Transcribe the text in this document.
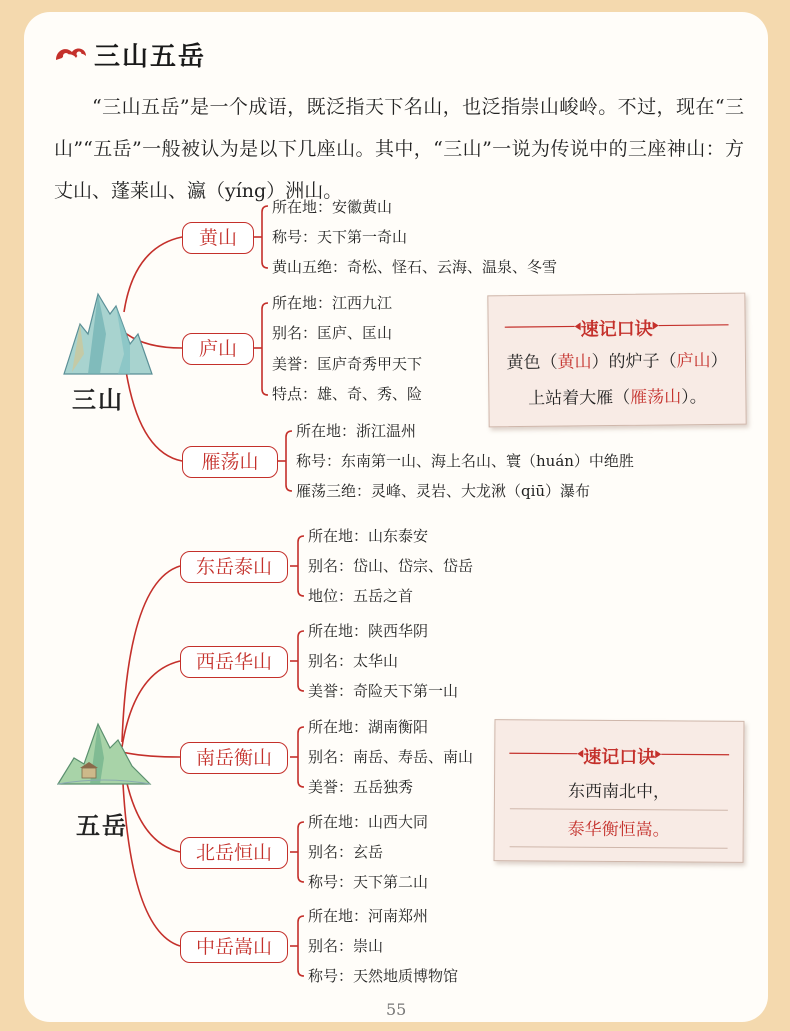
三山五岳
“三山五岳”是一个成语，既泛指天下名山，也泛指崇山峻岭。不过，现在“三山”“五岳”一般被认为是以下几座山。其中，“三山”一说为传说中的三座神山：方丈山、蓬莱山、瀛（yíng）洲山。
三山
黄山
所在地：安徽黄山
称号：天下第一奇山
黄山五绝：奇松、怪石、云海、温泉、冬雪
庐山
所在地：江西九江
别名：匡庐、匡山
美誉：匡庐奇秀甲天下
特点：雄、奇、秀、险
雁荡山
所在地：浙江温州
称号：东南第一山、海上名山、寰（huán）中绝胜
雁荡三绝：灵峰、灵岩、大龙湫（qiū）瀑布
速记口诀
黄色（黄山）的炉子（庐山）
上站着大雁（雁荡山）。
五岳
东岳泰山
所在地：山东泰安
别名：岱山、岱宗、岱岳
地位：五岳之首
西岳华山
所在地：陕西华阴
别名：太华山
美誉：奇险天下第一山
南岳衡山
所在地：湖南衡阳
别名：南岳、寿岳、南山
美誉：五岳独秀
北岳恒山
所在地：山西大同
别名：玄岳
称号：天下第二山
中岳嵩山
所在地：河南郑州
别名：崇山
称号：天然地质博物馆
速记口诀
东西南北中，
泰华衡恒嵩。
55
